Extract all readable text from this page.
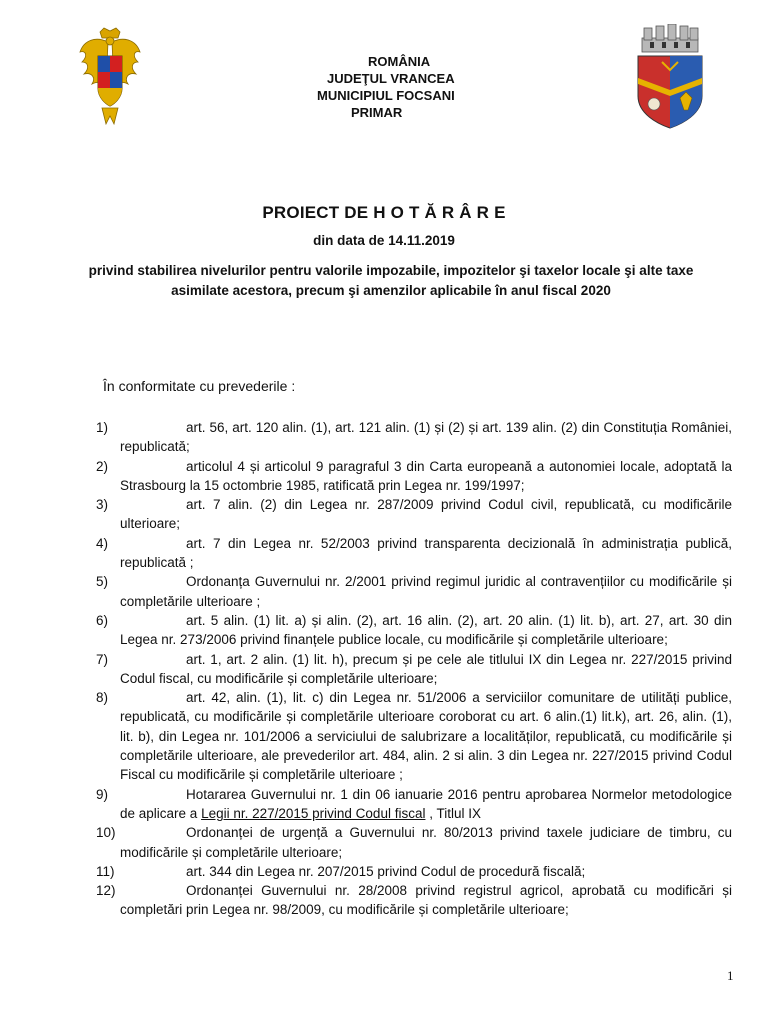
ROMÂNIA
JUDEŢUL VRANCEA
MUNICIPIUL FOCSANI
PRIMAR
PROIECT DE H O T Ă R Â R E
din data de 14.11.2019
privind stabilirea nivelurilor pentru valorile impozabile, impozitelor şi taxelor locale şi alte taxe asimilate acestora, precum şi amenzilor aplicabile în anul fiscal 2020
În conformitate cu prevederile :
1)	art. 56, art. 120 alin. (1), art. 121 alin. (1) și (2) și art. 139 alin. (2) din Constituția României, republicată;
2)	articolul 4 și articolul 9 paragraful 3 din Carta europeană a autonomiei locale, adoptată la Strasbourg la 15 octombrie 1985, ratificată prin Legea nr. 199/1997;
3)	art. 7 alin. (2) din Legea nr. 287/2009 privind Codul civil, republicată, cu modificările ulterioare;
4)	art. 7 din Legea nr. 52/2003 privind transparenta decizională în administrația publică, republicată ;
5)	Ordonanța Guvernului nr. 2/2001 privind regimul juridic al contravențiilor cu modificările și completările ulterioare ;
6)	art. 5 alin. (1) lit. a) și alin. (2), art. 16 alin. (2), art. 20 alin. (1) lit. b), art. 27, art. 30 din Legea nr. 273/2006 privind finanțele publice locale, cu modificările și completările ulterioare;
7)	art. 1, art. 2 alin. (1) lit. h), precum și pe cele ale titlului IX din Legea nr. 227/2015 privind Codul fiscal, cu modificările și completările ulterioare;
8)	art. 42, alin. (1), lit. c) din Legea nr. 51/2006 a serviciilor comunitare de utilități publice, republicată, cu modificările și completările ulterioare coroborat cu art. 6 alin.(1) lit.k), art. 26, alin. (1), lit. b), din Legea nr. 101/2006 a serviciului de salubrizare a localităților, republicată, cu modificările și completările ulterioare, ale prevederilor art. 484, alin. 2 si alin. 3 din Legea nr. 227/2015 privind Codul Fiscal cu modificările și completările ulterioare ;
9)	Hotararea Guvernului nr. 1 din 06 ianuarie 2016 pentru aprobarea Normelor metodologice de aplicare a Legii nr. 227/2015 privind Codul fiscal , Titlul IX
10)	Ordonanței de urgență a Guvernului nr. 80/2013 privind taxele judiciare de timbru, cu modificările și completările ulterioare;
11)	art. 344 din Legea nr. 207/2015 privind Codul de procedură fiscală;
12)	Ordonanței Guvernului nr. 28/2008 privind registrul agricol, aprobată cu modificări și completări prin Legea nr. 98/2009, cu modificările și completările ulterioare;
1
